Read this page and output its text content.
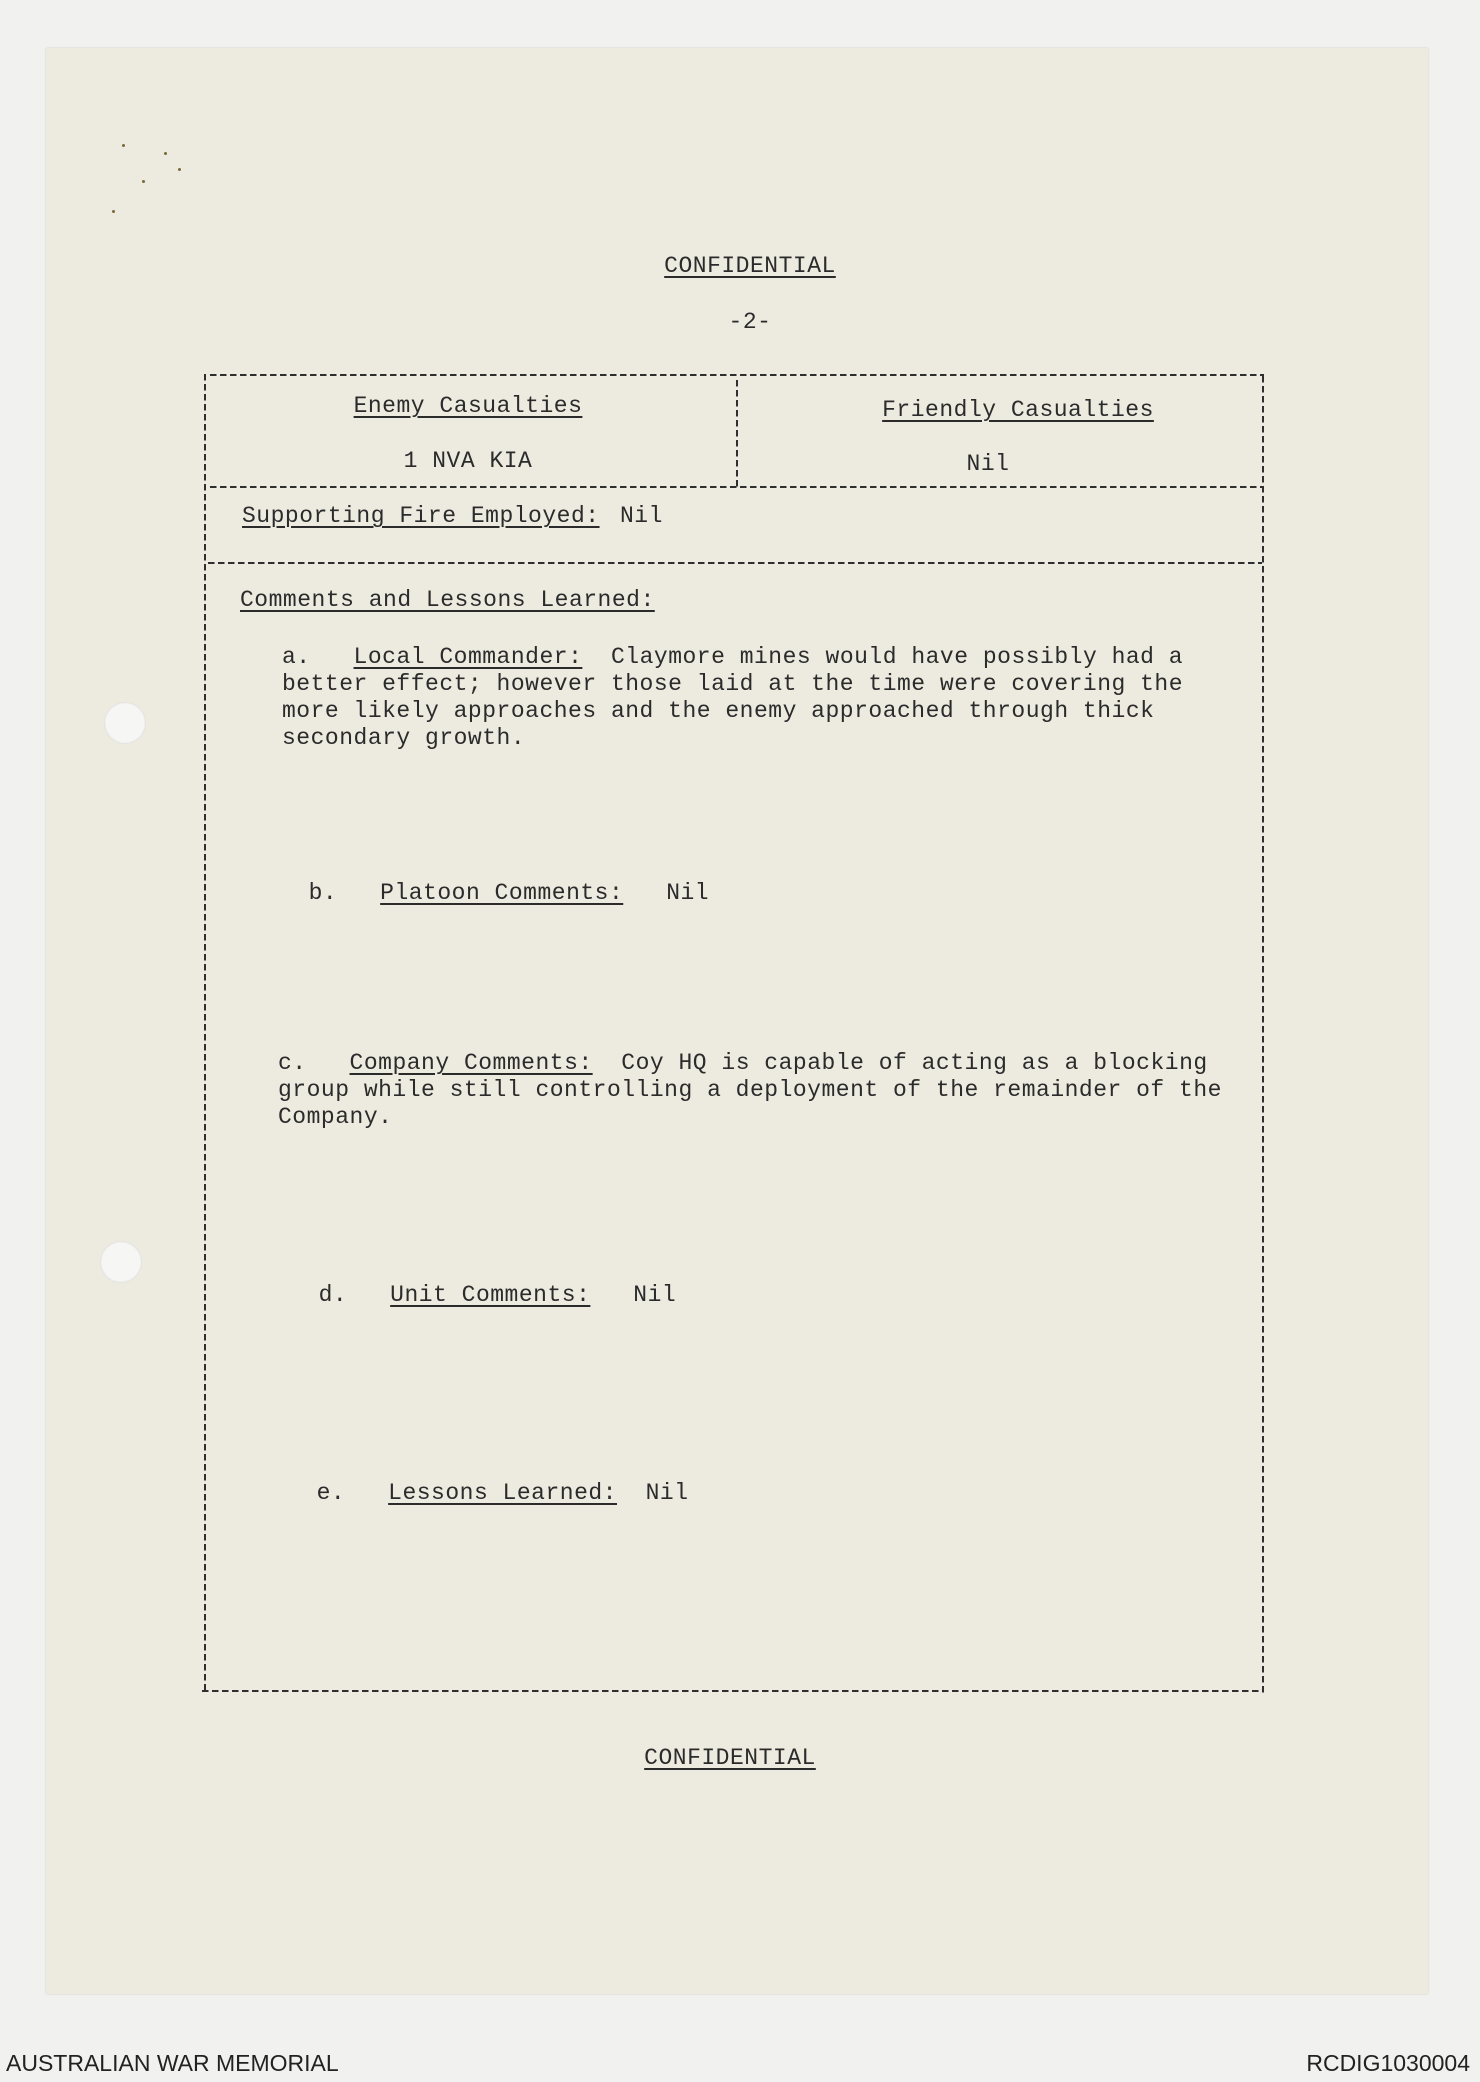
CONFIDENTIAL
-2-
Enemy Casualties
1 NVA KIA
Friendly Casualties
Nil
Supporting Fire Employed: Nil
Comments and Lessons Learned:
a. Local Commander: Claymore mines would have possibly had a better effect; however those laid at the time were covering the more likely approaches and the enemy approached through thick secondary growth.

b. Platoon Comments: Nil

c. Company Comments: Coy HQ is capable of acting as a blocking group while still controlling a deployment of the remainder of the Company.

d. Unit Comments: Nil

e. Lessons Learned: Nil

CONFIDENTIAL
AUSTRALIAN WAR MEMORIAL	RCDIG1030004
